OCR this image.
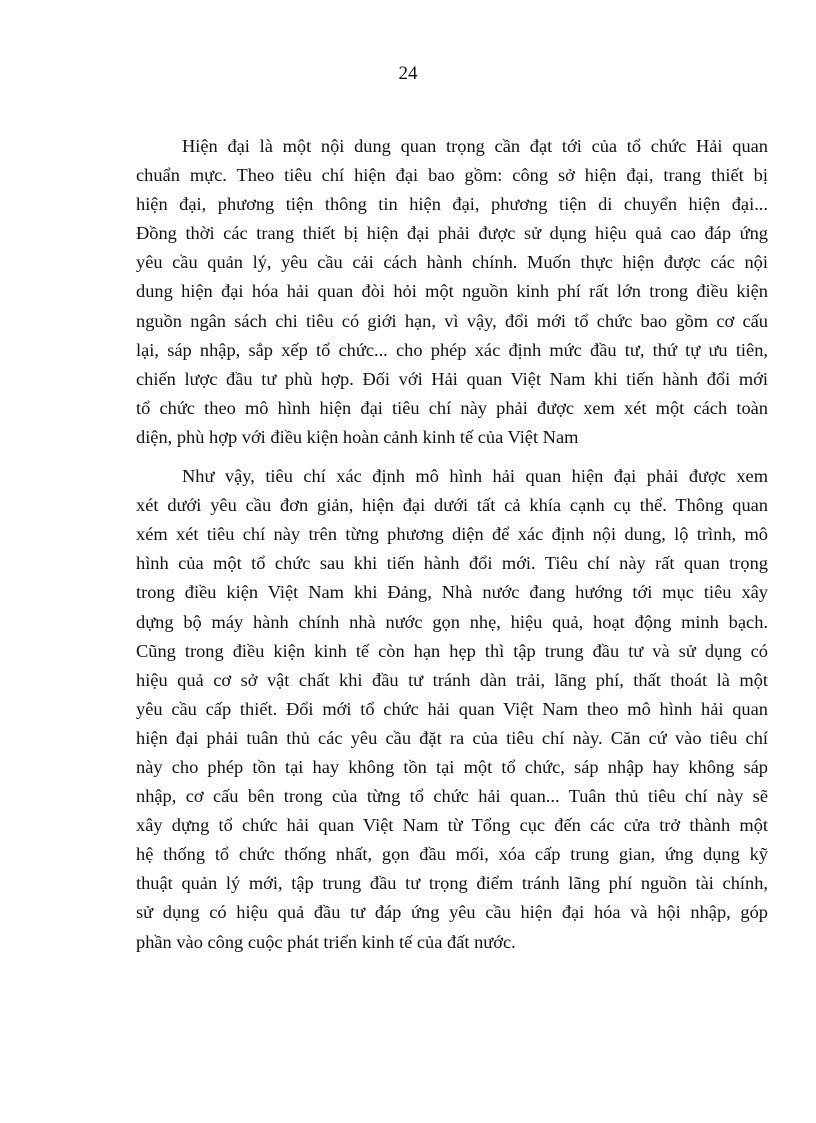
24

Hiện đại là một nội dung quan trọng cần đạt tới của tổ chức Hải quan
chuẩn mực. Theo tiêu chí hiện đại bao gồm: công sở hiện đại, trang thiết bị
hiện đại, phương tiện thông tin hiện đại, phương tiện di chuyển hiện đại...
Đồng thời các trang thiết bị hiện đại phải được sử dụng hiệu quả cao đáp ứng
yêu cầu quản lý, yêu cầu cải cách hành chính. Muốn thực hiện được các nội
dung hiện đại hóa hải quan đòi hỏi một nguồn kinh phí rất lớn trong điều kiện
nguồn ngân sách chi tiêu có giới hạn, vì vậy, đổi mới tổ chức bao gồm cơ cấu
lại, sáp nhập, sắp xếp tổ chức... cho phép xác định mức đầu tư, thứ tự ưu tiên,
chiến lược đầu tư phù hợp. Đối với Hải quan Việt Nam khi tiến hành đổi mới
tổ chức theo mô hình hiện đại tiêu chí này phải được xem xét một cách toàn
diện, phù hợp với điều kiện hoàn cảnh kinh tế của Việt Nam

Như vậy, tiêu chí xác định mô hình hải quan hiện đại phải được xem
xét dưới yêu cầu đơn giản, hiện đại dưới tất cả khía cạnh cụ thể. Thông quan
xém xét tiêu chí này trên từng phương diện để xác định nội dung, lộ trình, mô
hình của một tổ chức sau khi tiến hành đổi mới. Tiêu chí này rất quan trọng
trong điều kiện Việt Nam khi Đảng, Nhà nước đang hướng tới mục tiêu xây
dựng bộ máy hành chính nhà nước gọn nhẹ, hiệu quả, hoạt động minh bạch.
Cũng trong điều kiện kinh tế còn hạn hẹp thì tập trung đầu tư và sử dụng có
hiệu quả cơ sở vật chất khi đầu tư tránh dàn trải, lãng phí, thất thoát là một
yêu cầu cấp thiết. Đổi mới tổ chức hải quan Việt Nam theo mô hình hải quan
hiện đại phải tuân thủ các yêu cầu đặt ra của tiêu chí này. Căn cứ vào tiêu chí
này cho phép tồn tại hay không tồn tại một tổ chức, sáp nhập hay không sáp
nhập, cơ cấu bên trong của từng tổ chức hải quan... Tuân thủ tiêu chí này sẽ
xây dựng tổ chức hải quan Việt Nam từ Tổng cục đến các cửa trở thành một
hệ thống tổ chức thống nhất, gọn đầu mối, xóa cấp trung gian, ứng dụng kỹ
thuật quản lý mới, tập trung đầu tư trọng điểm tránh lãng phí nguồn tài chính,
sử dụng có hiệu quả đầu tư đáp ứng yêu cầu hiện đại hóa và hội nhập, góp
phần vào công cuộc phát triển kinh tế của đất nước.
